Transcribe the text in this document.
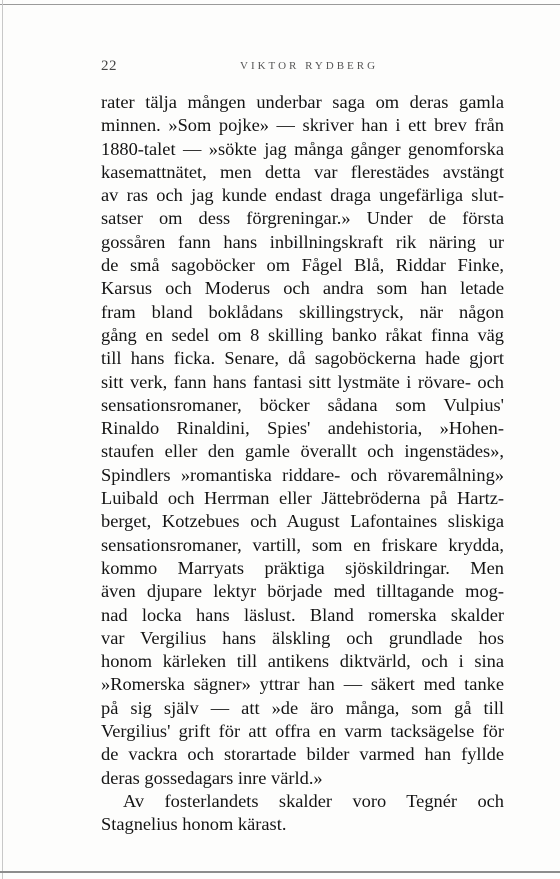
22	VIKTOR RYDBERG
rater tälja mången underbar saga om deras gamla
minnen. »Som pojke» — skriver han i ett brev från
1880-talet — »sökte jag många gånger genomforska
kasemattnätet, men detta var flerestädes avstängt
av ras och jag kunde endast draga ungefärliga slut-
satser om dess förgreningar.» Under de första
gossåren fann hans inbillningskraft rik näring ur
de små sagoböcker om Fågel Blå, Riddar Finke,
Karsus och Moderus och andra som han letade
fram bland boklådans skillingstryck, när någon
gång en sedel om 8 skilling banko råkat finna väg
till hans ficka. Senare, då sagoböckerna hade gjort
sitt verk, fann hans fantasi sitt lystmäte i rövare- och
sensationsromaner, böcker sådana som Vulpius'
Rinaldo Rinaldini, Spies' andehistoria, »Hohen-
staufen eller den gamle överallt och ingenstädes»,
Spindlers »romantiska riddare- och rövaremålning»
Luibald och Herrman eller Jättebröderna på Hartz-
berget, Kotzebues och August Lafontaines sliskiga
sensationsromaner, vartill, som en friskare krydda,
kommo Marryats präktiga sjöskildringar. Men
även djupare lektyr började med tilltagande mog-
nad locka hans läslust. Bland romerska skalder
var Vergilius hans älskling och grundlade hos
honom kärleken till antikens diktvärld, och i sina
»Romerska sägner» yttrar han — säkert med tanke
på sig själv — att »de äro många, som gå till
Vergilius' grift för att offra en varm tacksägelse för
de vackra och storartade bilder varmed han fyllde
deras gossedagars inre värld.»
Av fosterlandets skalder voro Tegnér och
Stagnelius honom kärast.
